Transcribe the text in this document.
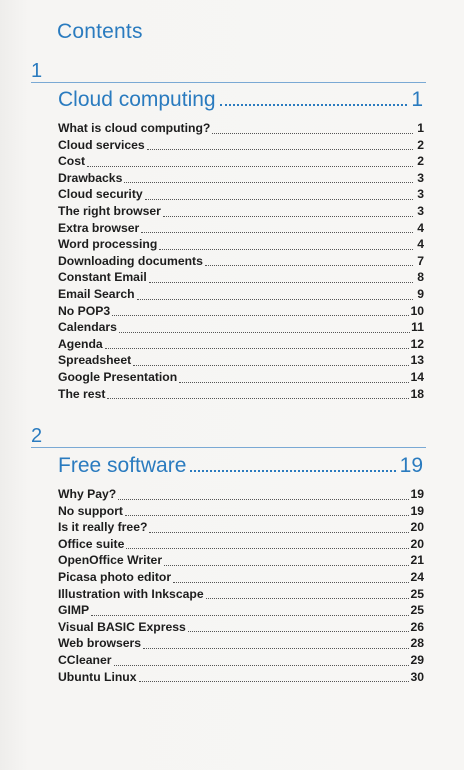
Contents
1
Cloud computing	1
What is cloud computing?	1
Cloud services	2
Cost	2
Drawbacks	3
Cloud security	3
The right browser	3
Extra browser	4
Word processing	4
Downloading documents	7
Constant Email	8
Email Search	9
No POP3	10
Calendars	11
Agenda	12
Spreadsheet	13
Google Presentation	14
The rest	18
2
Free software	19
Why Pay?	19
No support	19
Is it really free?	20
Office suite	20
OpenOffice Writer	21
Picasa photo editor	24
Illustration with Inkscape	25
GIMP	25
Visual BASIC Express	26
Web browsers	28
CCleaner	29
Ubuntu Linux	30
